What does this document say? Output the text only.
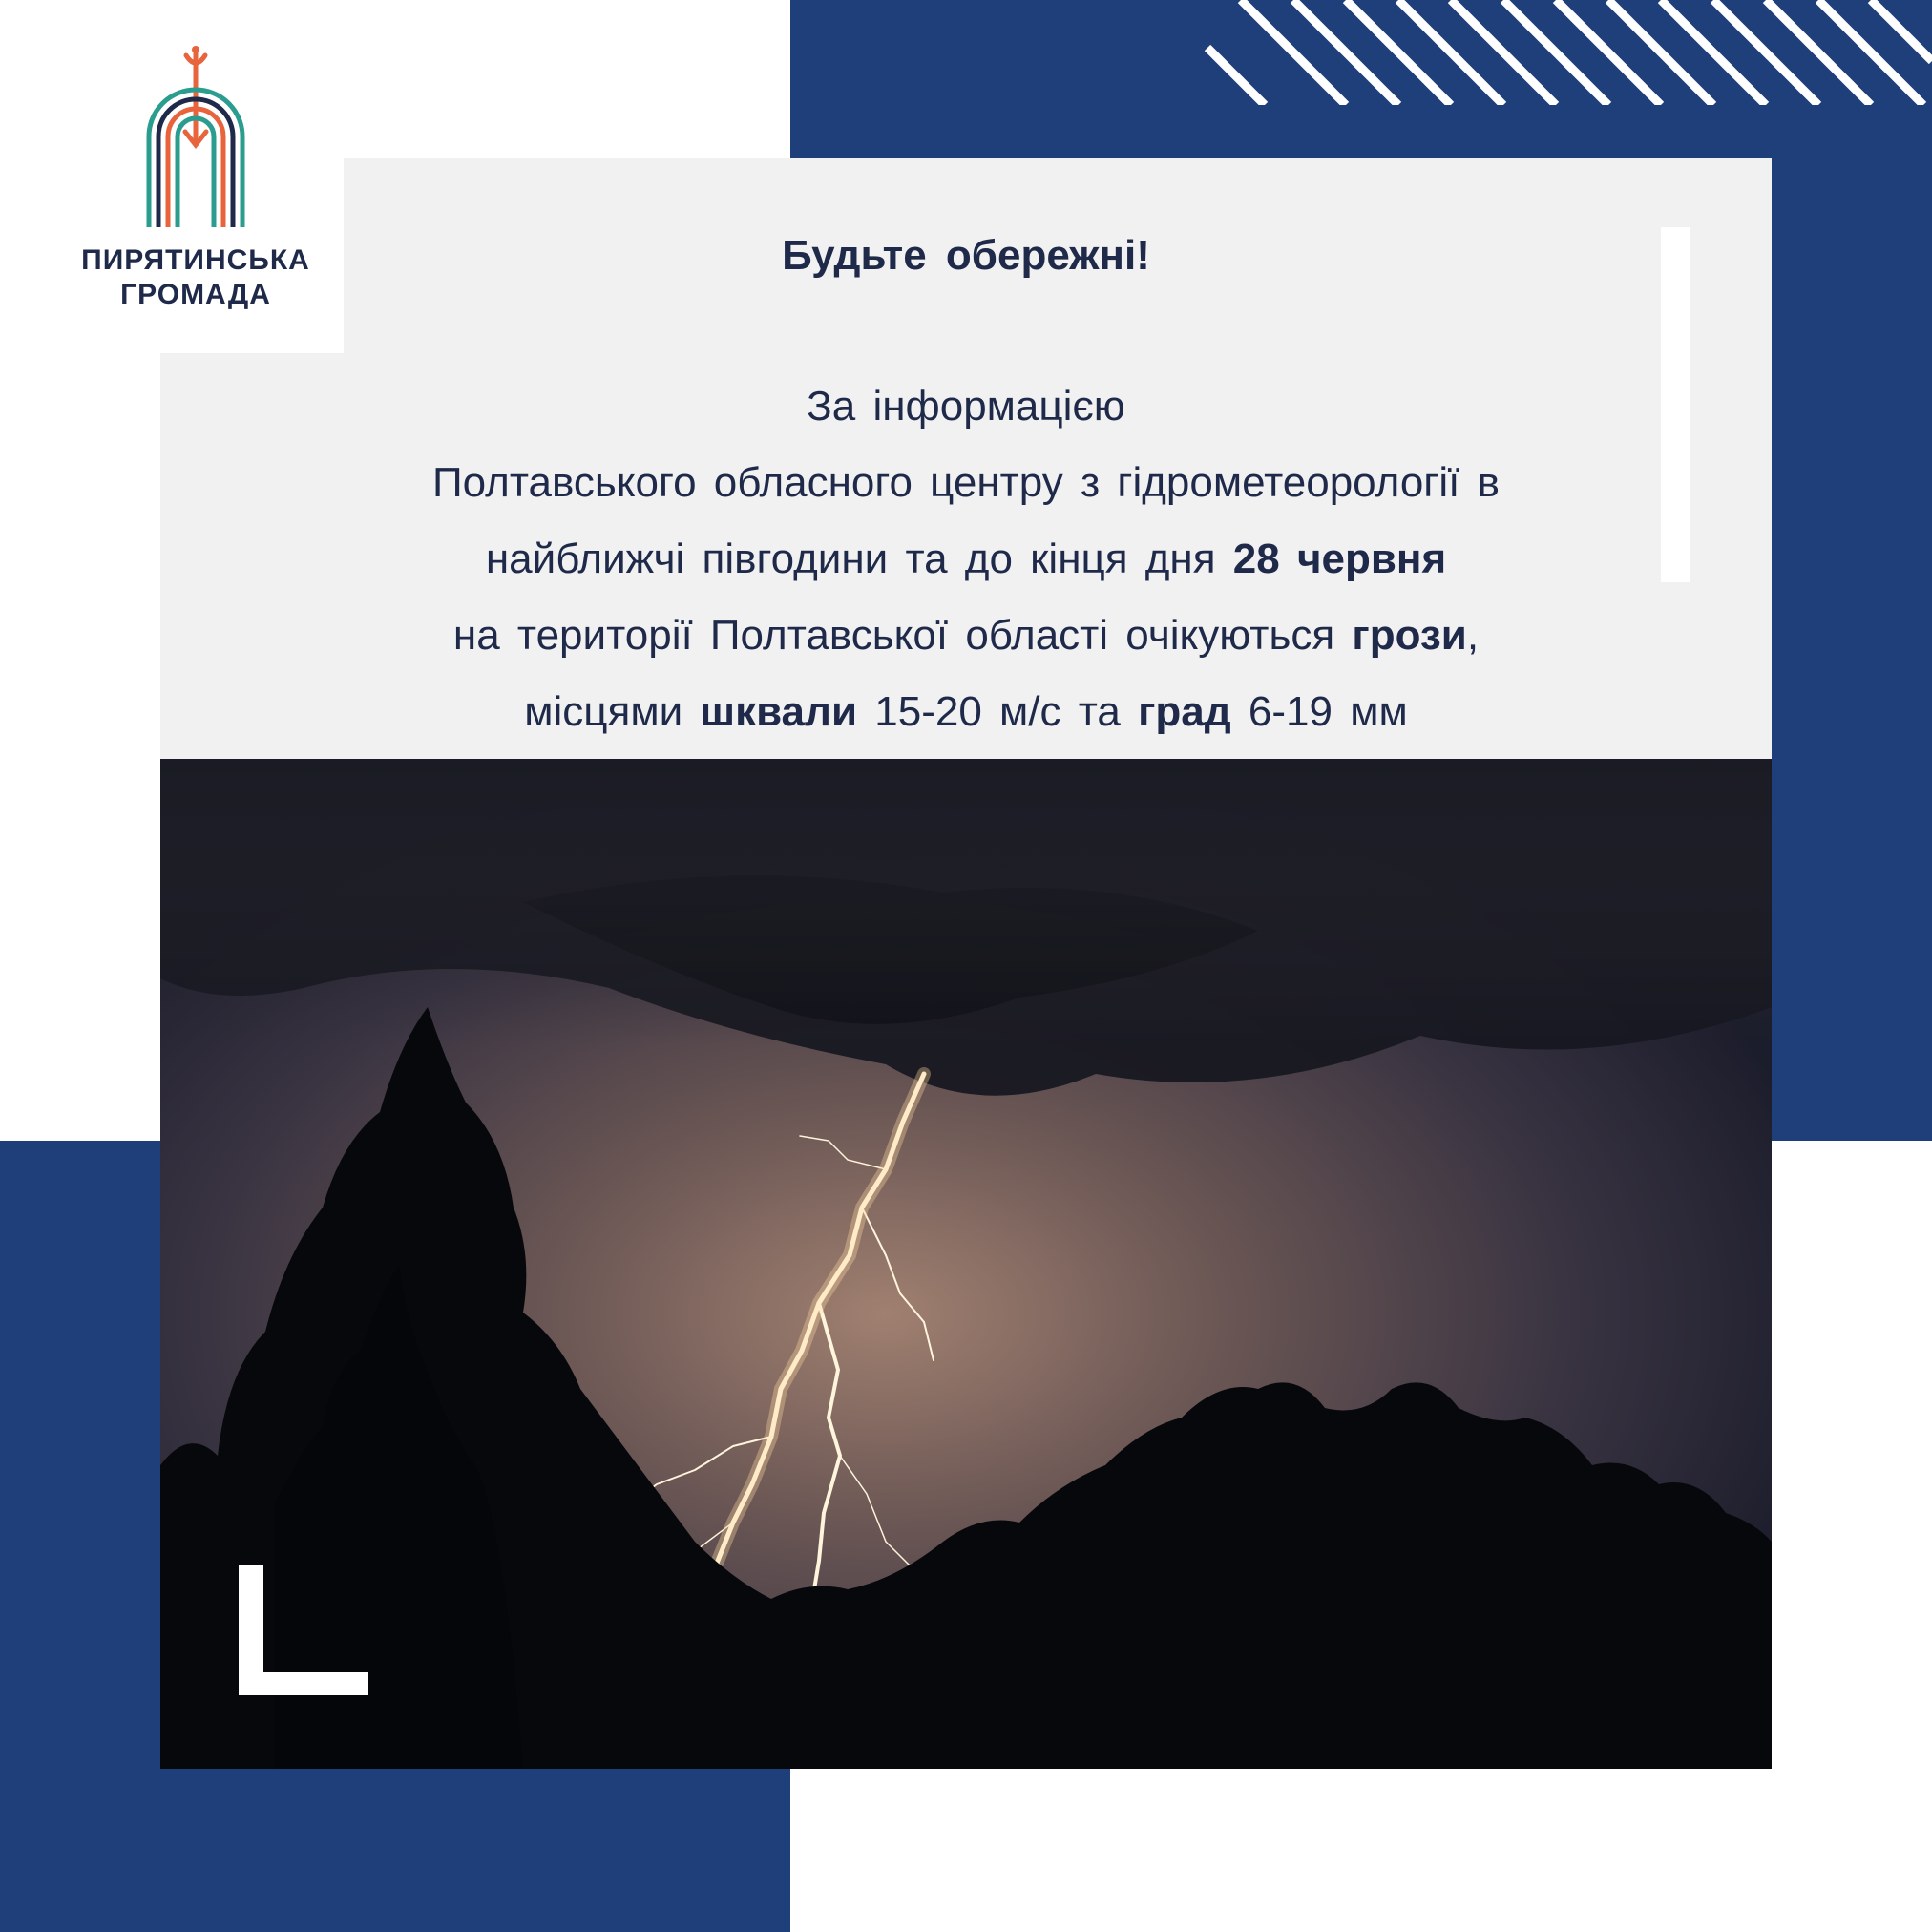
ПИРЯТИНСЬКА
ГРОМАДА
Будьте обережні!
За інформацією
Полтавського обласного центру з гідрометеорології в
найближчі півгодини та до кінця дня 28 червня
на території Полтавської області очікуються грози,
місцями шквали 15-20 м/с та град 6-19 мм
